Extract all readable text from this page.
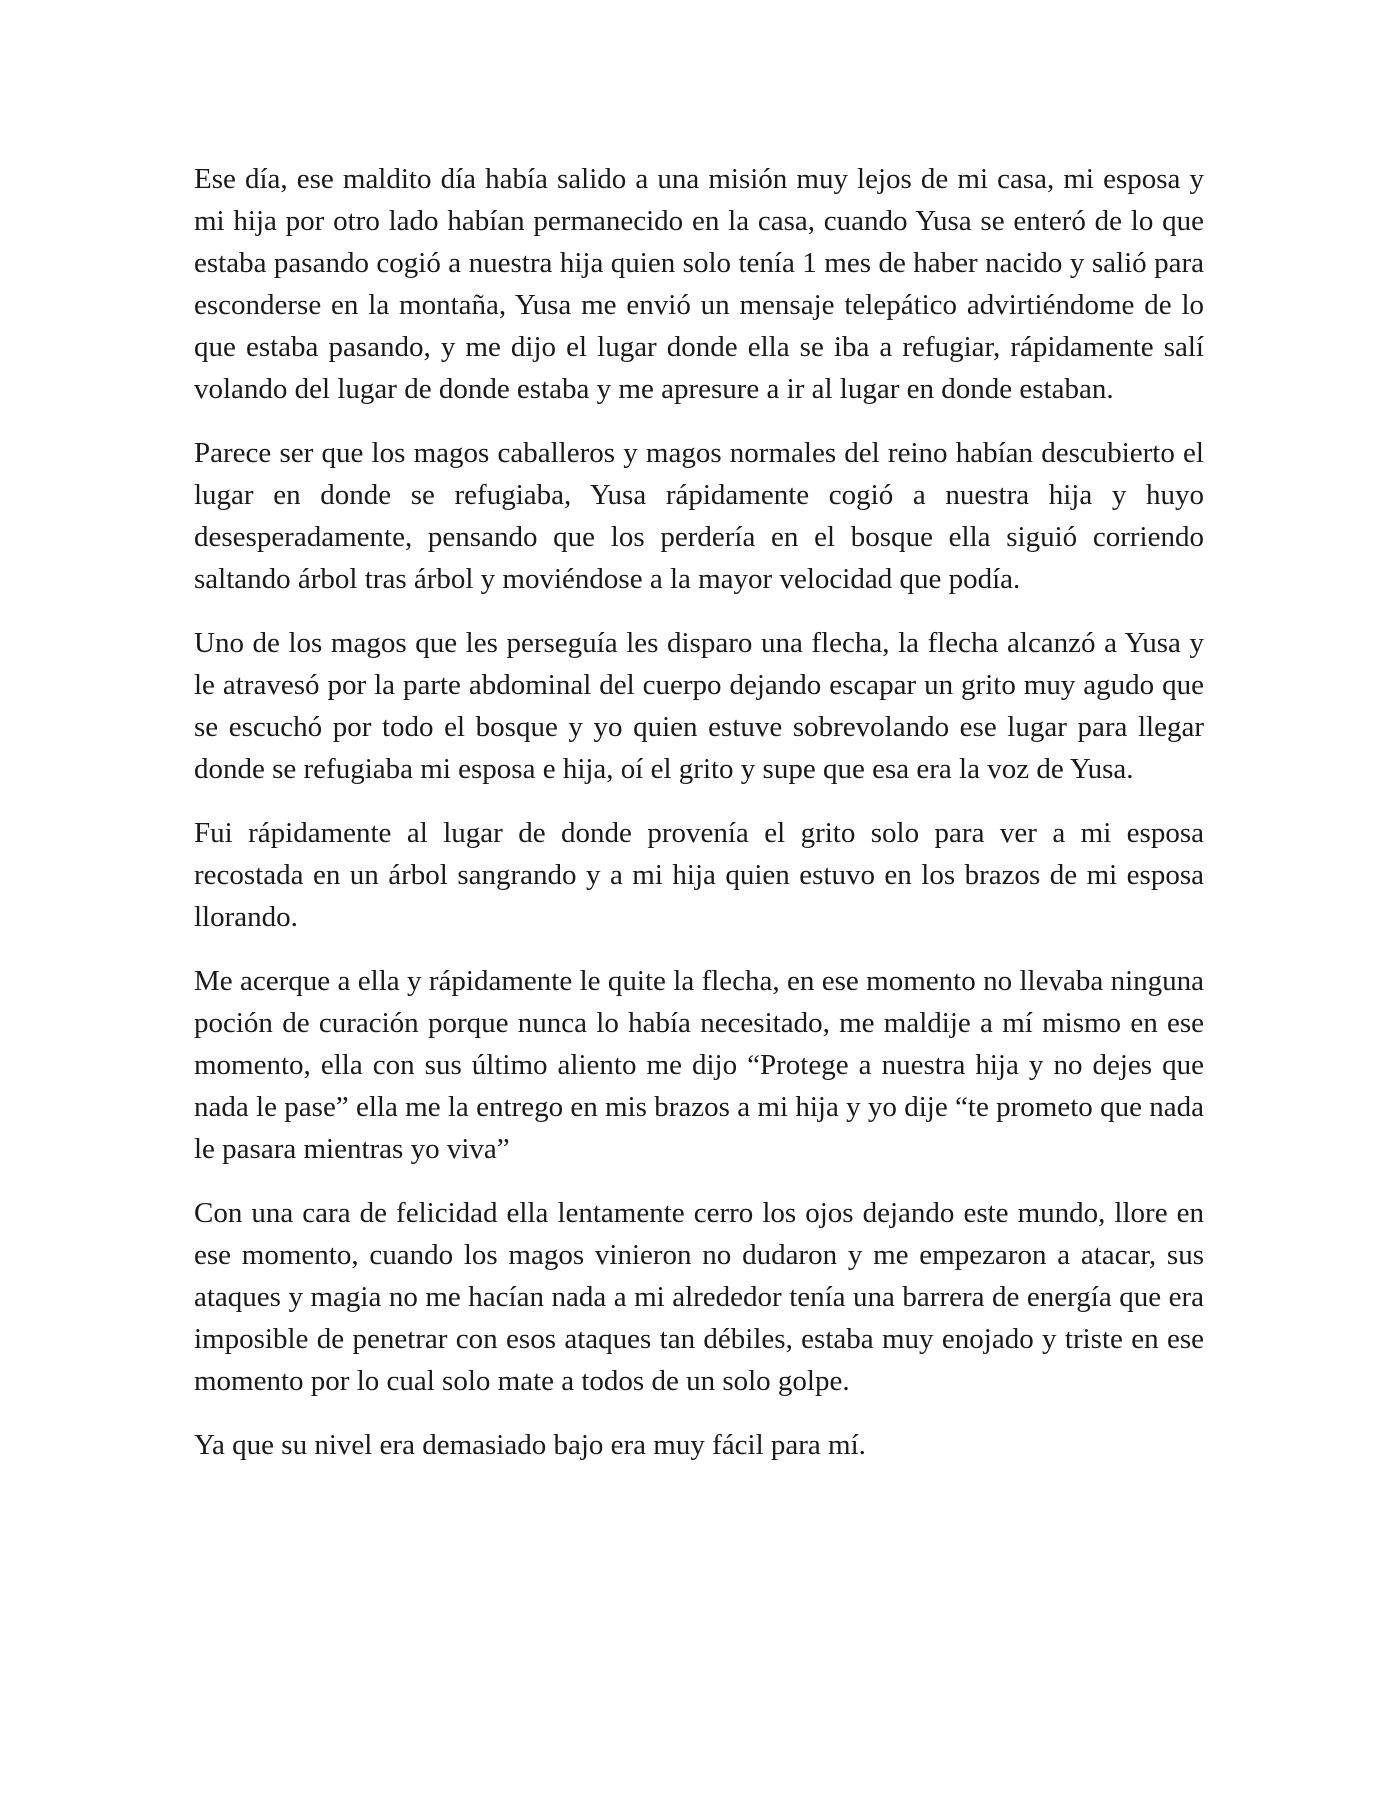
Ese día, ese maldito día había salido a una misión muy lejos de mi casa, mi esposa y mi hija por otro lado habían permanecido en la casa, cuando Yusa se enteró de lo que estaba pasando cogió a nuestra hija quien solo tenía 1 mes de haber nacido y salió para esconderse en la montaña, Yusa me envió un mensaje telepático advirtiéndome de lo que estaba pasando, y me dijo el lugar donde ella se iba a refugiar, rápidamente salí volando del lugar de donde estaba y me apresure a ir al lugar en donde estaban.

Parece ser que los magos caballeros y magos normales del reino habían descubierto el lugar en donde se refugiaba, Yusa rápidamente cogió a nuestra hija y huyo desesperadamente, pensando que los perdería en el bosque ella siguió corriendo saltando árbol tras árbol y moviéndose a la mayor velocidad que podía.

Uno de los magos que les perseguía les disparo una flecha, la flecha alcanzó a Yusa y le atravesó por la parte abdominal del cuerpo dejando escapar un grito muy agudo que se escuchó por todo el bosque y yo quien estuve sobrevolando ese lugar para llegar donde se refugiaba mi esposa e hija, oí el grito y supe que esa era la voz de Yusa.

Fui rápidamente al lugar de donde provenía el grito solo para ver a mi esposa recostada en un árbol sangrando y a mi hija quien estuvo en los brazos de mi esposa llorando.

Me acerque a ella y rápidamente le quite la flecha, en ese momento no llevaba ninguna poción de curación porque nunca lo había necesitado, me maldije a mí mismo en ese momento, ella con sus último aliento me dijo “Protege a nuestra hija y no dejes que nada le pase” ella me la entrego en mis brazos a mi hija y yo dije “te prometo que nada le pasara mientras yo viva”

Con una cara de felicidad ella lentamente cerro los ojos dejando este mundo, llore en ese momento, cuando los magos vinieron no dudaron y me empezaron a atacar, sus ataques y magia no me hacían nada a mi alrededor tenía una barrera de energía que era imposible de penetrar con esos ataques tan débiles, estaba muy enojado y triste en ese momento por lo cual solo mate a todos de un solo golpe.

Ya que su nivel era demasiado bajo era muy fácil para mí.
